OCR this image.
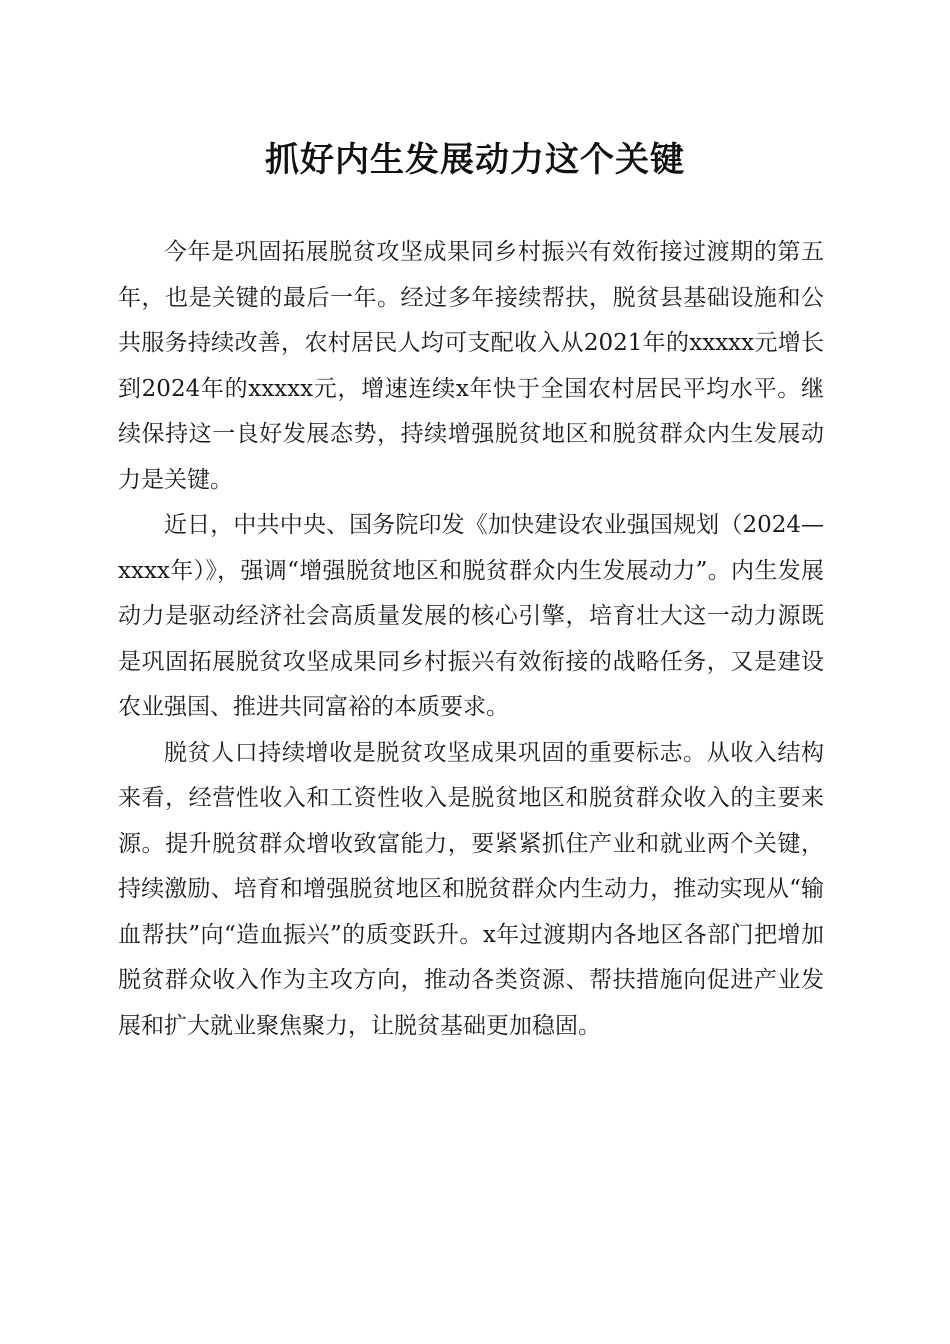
抓好内生发展动力这个关键

今年是巩固拓展脱贫攻坚成果同乡村振兴有效衔接过渡期的第五年，也是关键的最后一年。经过多年接续帮扶，脱贫县基础设施和公共服务持续改善，农村居民人均可支配收入从2021年的xxxxx元增长到2024年的xxxxx元，增速连续x年快于全国农村居民平均水平。继续保持这一良好发展态势，持续增强脱贫地区和脱贫群众内生发展动力是关键。

近日，中共中央、国务院印发《加快建设农业强国规划（2024—xxxx年）》，强调“增强脱贫地区和脱贫群众内生发展动力”。内生发展动力是驱动经济社会高质量发展的核心引擎，培育壮大这一动力源既是巩固拓展脱贫攻坚成果同乡村振兴有效衔接的战略任务，又是建设农业强国、推进共同富裕的本质要求。

脱贫人口持续增收是脱贫攻坚成果巩固的重要标志。从收入结构来看，经营性收入和工资性收入是脱贫地区和脱贫群众收入的主要来源。提升脱贫群众增收致富能力，要紧紧抓住产业和就业两个关键，持续激励、培育和增强脱贫地区和脱贫群众内生动力，推动实现从“输血帮扶”向“造血振兴”的质变跃升。x年过渡期内各地区各部门把增加脱贫群众收入作为主攻方向，推动各类资源、帮扶措施向促进产业发展和扩大就业聚焦聚力，让脱贫基础更加稳固。
